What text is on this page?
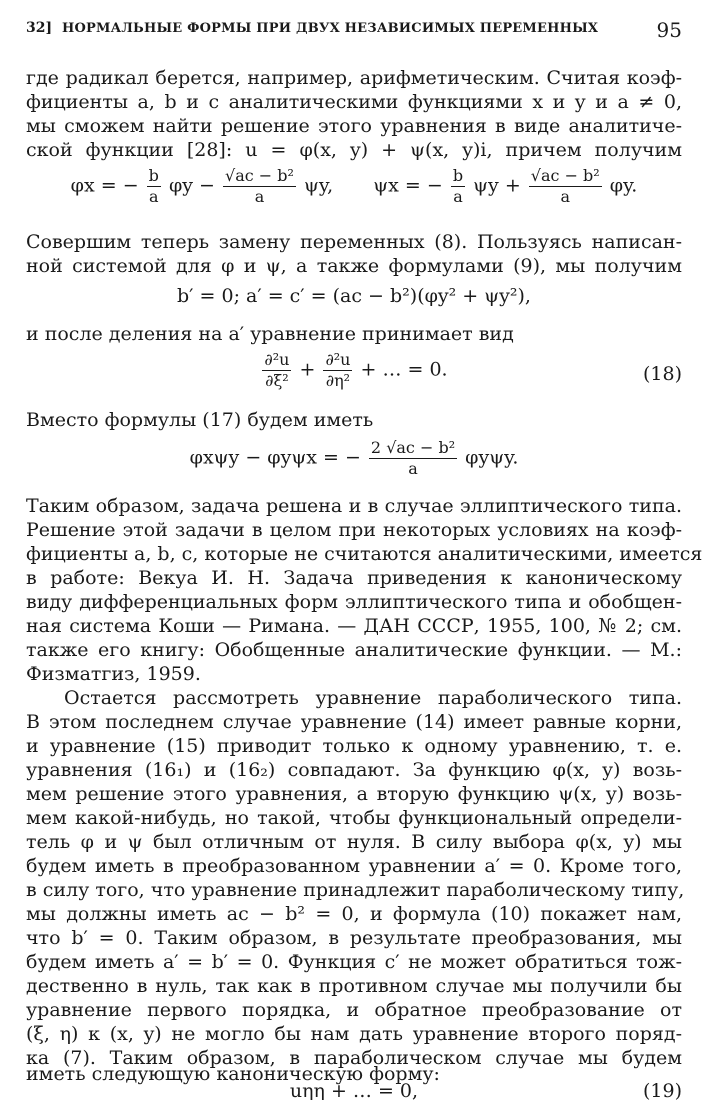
32] НОРМАЛЬНЫЕ ФОРМЫ ПРИ ДВУХ НЕЗАВИСИМЫХ ПЕРЕМЕННЫХ	95
где радикал берется, например, арифметическим. Считая коэф-
фициенты a, b и c аналитическими функциями x и y и a ≠ 0,
мы сможем найти решение этого уравнения в виде аналитиче-
ской функции [28]: u = φ(x, y) + ψ(x, y)i, причем получим
φx = − $\frac{b}{a}$ $\varphi y - \frac{\text{√ac − b²}}{a} \psi y$, ψx = − $\frac{b}{a}$ $\psi y + \frac{\text{√ac − b²}}{a} \varphi y$.
Совершим теперь замену переменных (8). Пользуясь написан-
ной системой для φ и ψ, а также формулами (9), мы получим
b′ = 0; a′ = c′ = (ac − b²)(φy² + ψy²),
и после деления на a′ уравнение принимает вид
$\frac{\text{∂²u}}{\text{∂ξ²}} + \frac{\text{∂²u}}{\text{∂η²}}$ + … = 0.	(18)
Вместо формулы (17) будем иметь
φxψy − φyψx = − $\frac{\text{2 √ac − b²}}{a} \varphi y\psi y$.
Таким образом, задача решена и в случае эллиптического типа.
Решение этой задачи в целом при некоторых условиях на коэф-
фициенты a, b, c, которые не считаются аналитическими, имеется
в работе: Векуа И. Н. Задача приведения к каноническому
виду дифференциальных форм эллиптического типа и обобщен-
ная система Коши — Римана. — ДАН СССР, 1955, 100, № 2; см.
также его книгу: Обобщенные аналитические функции. — М.:
Физматгиз, 1959.
Остается рассмотреть уравнение параболического типа.
В этом последнем случае уравнение (14) имеет равные корни,
и уравнение (15) приводит только к одному уравнению, т. е.
уравнения (16₁) и (16₂) совпадают. За функцию φ(x, y) возь-
мем решение этого уравнения, а вторую функцию ψ(x, y) возь-
мем какой-нибудь, но такой, чтобы функциональный определи-
тель φ и ψ был отличным от нуля. В силу выбора φ(x, y) мы
будем иметь в преобразованном уравнении a′ = 0. Кроме того,
в силу того, что уравнение принадлежит параболическому типу,
мы должны иметь ac − b² = 0, и формула (10) покажет нам,
что b′ = 0. Таким образом, в результате преобразования, мы
будем иметь a′ = b′ = 0. Функция c′ не может обратиться тож-
дественно в нуль, так как в противном случае мы получили бы
уравнение первого порядка, и обратное преобразование от
(ξ, η) к (x, y) не могло бы нам дать уравнение второго поряд-
ка (7). Таким образом, в параболическом случае мы будем
иметь следующую каноническую форму:
uηη + … = 0,	(19)
